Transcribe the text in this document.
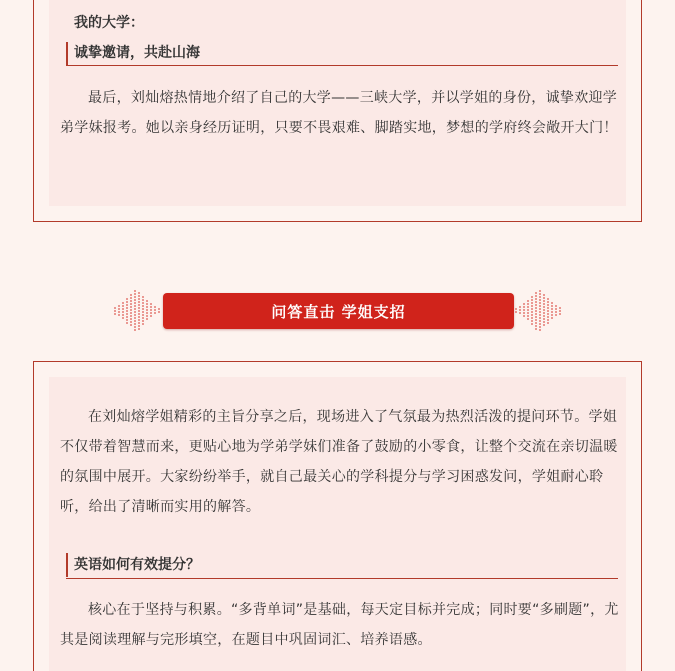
我的大学：
诚挚邀请，共赴山海

最后，刘灿熔热情地介绍了自己的大学——三峡大学，并以学姐的身份，诚挚欢迎学弟学妹报考。她以亲身经历证明，只要不畏艰难、脚踏实地，梦想的学府终会敞开大门！

问答直击 学姐支招

在刘灿熔学姐精彩的主旨分享之后，现场进入了气氛最为热烈活泼的提问环节。学姐不仅带着智慧而来，更贴心地为学弟学妹们准备了鼓励的小零食，让整个交流在亲切温暖的氛围中展开。大家纷纷举手，就自己最关心的学科提分与学习困惑发问，学姐耐心聆听，给出了清晰而实用的解答。

英语如何有效提分？

核心在于坚持与积累。“多背单词”是基础，每天定目标并完成；同时要“多刷题”，尤其是阅读理解与完形填空，在题目中巩固词汇、培养语感。
